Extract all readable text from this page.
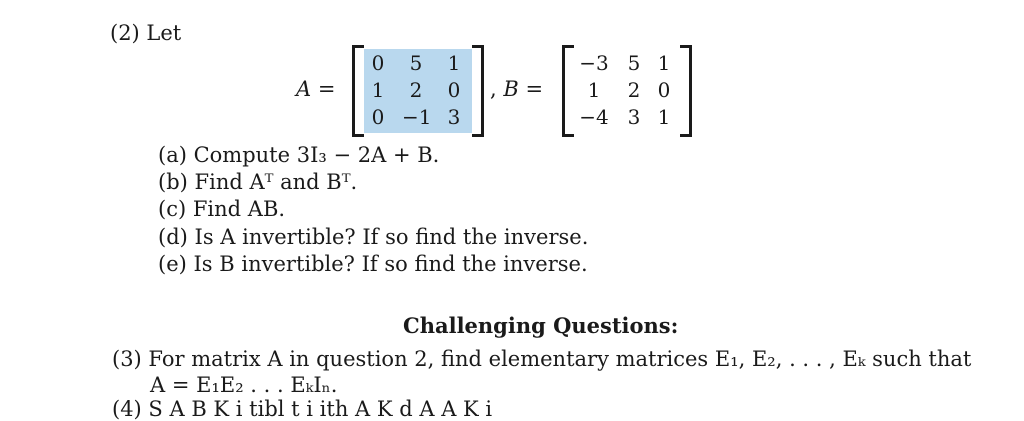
(2) Let
A =
0	5	1
1	2	0
0 −1 3
, B =
−3 5 1
1	2 0
−4 3 1
(a) Compute 3I₃ − 2A + B.
(b) Find Aᵀ and Bᵀ.
(c) Find AB.
(d) Is A invertible? If so find the inverse.
(e) Is B invertible? If so find the inverse.
Challenging Questions:
(3) For matrix A in question 2, find elementary matrices E₁, E₂, . . . , Eₖ such that
A = E₁E₂ . . . EₖIₙ.
(4) S A B K i tibl t i ith A K d A A K i
